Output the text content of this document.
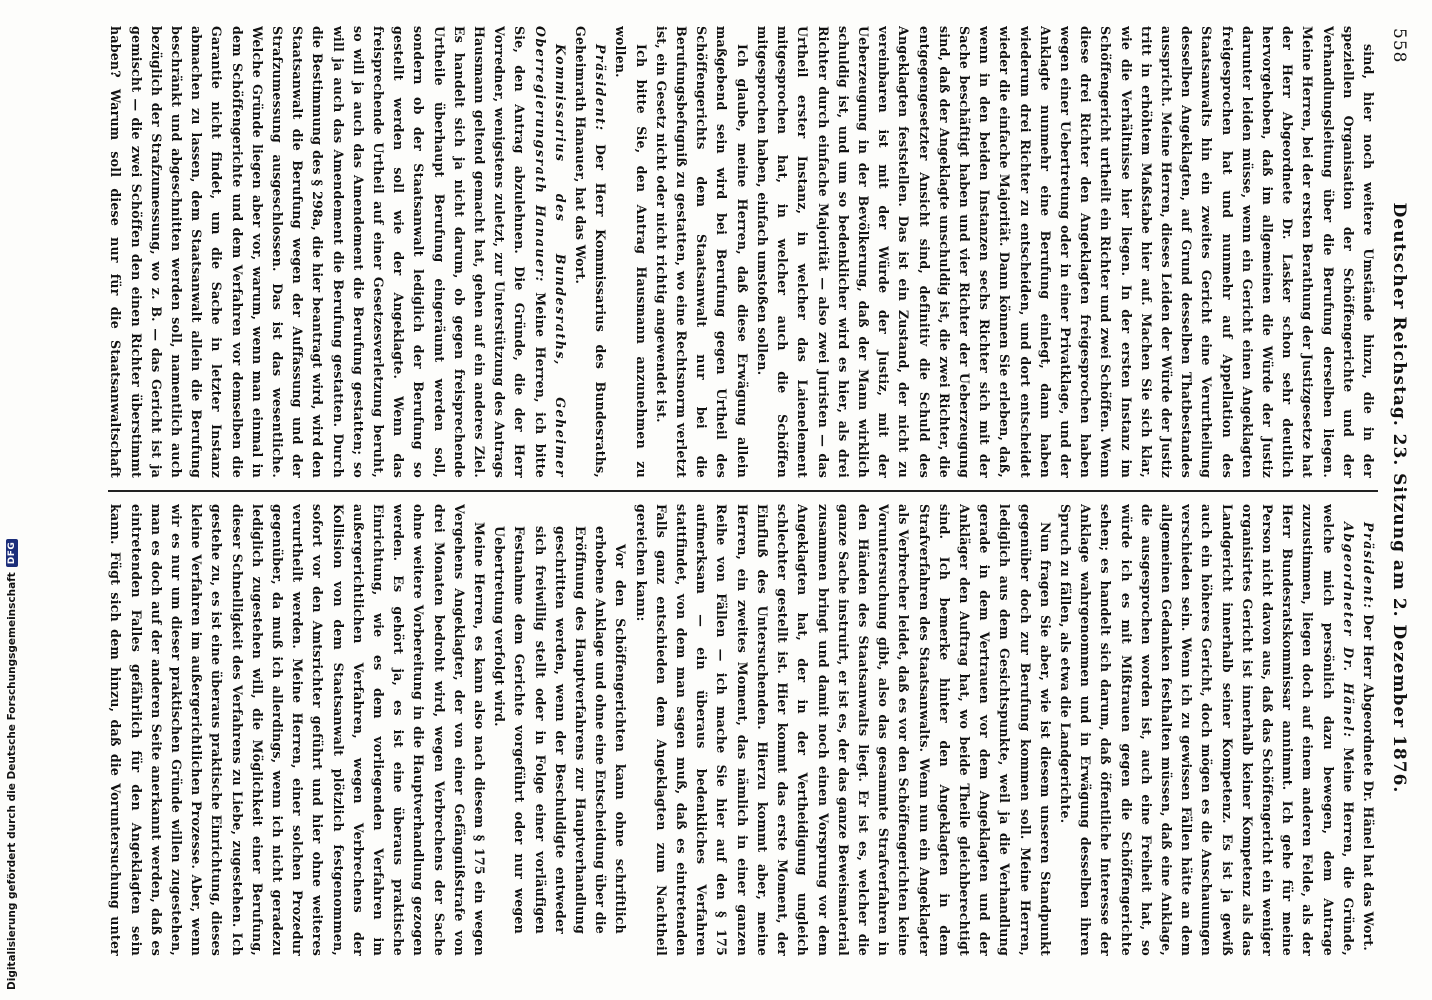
558
Deutscher Reichstag. 23. Sitzung am 2. Dezember 1876.

sind, hier noch weitere Umstände hinzu, die in der speziellen Organisation der Schöffengerichte und der Verhandlungsleitung über die Berufung derselben liegen. Meine Herren, bei der ersten Berathung der Justizgesetze hat der Herr Abgeordnete Dr. Lasker schon sehr deutlich hervorgehoben, daß im allgemeinen die Würde der Justiz darunter leiden müsse, wenn ein Gericht einen Angeklagten freigesprochen hat und nunmehr auf Appellation des Staatsanwalts hin ein zweites Gericht eine Verurtheilung desselben Angeklagten, auf Grund desselben Thatbestandes ausspricht. Meine Herren, dieses Leiden der Würde der Justiz tritt in erhöhtem Maßstabe hier auf. Machen Sie sich klar, wie die Verhältnisse hier liegen. In der ersten Instanz im Schöffengericht urtheilt ein Richter und zwei Schöffen. Wenn diese drei Richter den Angeklagten freigesprochen haben wegen einer Uebertretung oder in einer Privatklage, und der Anklagte nunmehr eine Berufung einlegt, dann haben wiederum drei Richter zu entscheiden, und dort entscheidet wieder die einfache Majorität. Dann können Sie erleben, daß, wenn in den beiden Instanzen sechs Richter sich mit der Sache beschäftigt haben und vier Richter der Ueberzeugung sind, daß der Angeklagte unschuldig ist, die zwei Richter, die entgegengesetzter Ansicht sind, definitiv die Schuld des Angeklagten feststellen. Das ist ein Zustand, der nicht zu vereinbaren ist mit der Würde der Justiz, mit der Ueberzeugung in der Bevölkerung, daß der Mann wirklich schuldig ist, und um so bedenklicher wird es hier, als drei Richter durch einfache Majorität — also zwei Juristen — das Urtheil erster Instanz, in welcher das Laienelement mitgesprochen hat, in welcher auch die Schöffen mitgesprochen haben, einfach umstoßen sollen.

Ich glaube, meine Herren, daß diese Erwägung allein maßgebend sein wird bei Berufung gegen Urtheil des Schöffengerichts dem Staatsanwalt nur bei die Berufungsbefugniß zu gestatten, wo eine Rechtsnorm verletzt ist, ein Gesetz nicht oder nicht richtig angewendet ist.

Ich bitte Sie, den Antrag Hausmann anzunehmen zu wollen.

Präsident: Der Herr Kommissarius des Bundesraths, Geheimrath Hanauer, hat das Wort.

Kommissarius des Bundesraths, Geheimer Oberregierungsrath Hanauer: Meine Herren, ich bitte Sie, den Antrag abzulehnen. Die Gründe, die der Herr Vorredner, wenigstens zuletzt, zur Unterstützung des Antrags Hausmann geltend gemacht hat, gehen auf ein anderes Ziel. Es handelt sich ja nicht darum, ob gegen freisprechende Urtheile überhaupt Berufung eingeräumt werden soll, sondern ob der Staatsanwalt lediglich der Berufung so gestellt werden soll wie der Angeklagte. Wenn das freisprechende Urtheil auf einer Gesetzesverletzung beruht, so will ja auch das Amendement die Berufung gestatten; so will ja auch das Amendement die Berufung gestatten. Durch die Bestimmung des § 298a, die hier beantragt wird, wird den Staatsanwalt die Berufung wegen der Auffassung und der Strafzumessung ausgeschlossen. Das ist das wesentliche. Welche Gründe liegen aber vor, warum, wenn man einmal in dem Schöffengerichte und dem Verfahren vor demselben die Garantie nicht findet, um die Sache in letzter Instanz abmachen zu lassen, dem Staatsanwalt allein die Berufung beschränkt und abgeschnitten werden soll, namentlich auch bezüglich der Strafzumessung, wo z. B. — das Gericht ist ja gemischt — die zwei Schöffen den einen Richter überstimmt haben? Warum soll diese nur für die Staatsanwaltschaft

Präsident: Der Herr Abgeordnete Dr. Hänel hat das Wort.

Abgeordneter Dr. Hänel: Meine Herren, die Gründe, welche mich persönlich dazu bewegen, dem Antrage zuzustimmen, liegen doch auf einem anderen Felde, als der Herr Bundesratskommissar annimmt. Ich gehe für meine Person nicht davon aus, daß das Schöffengericht ein weniger organisirtes Gericht ist innerhalb keiner Kompetenz als das Landgericht innerhalb seiner Kompetenz. Es ist ja gewiß auch ein höheres Gericht, doch mögen es die Anschauungen verschieden sein. Wenn ich zu gewissen Fällen hätte an dem allgemeinen Gedanken festhalten müssen, daß eine Anklage, die ausgesprochen worden ist, auch eine Freiheit hat, so würde ich es mit Mißtrauen gegen die Schöffengerichte sehen; es handelt sich darum, daß öffentliche Interesse der Anklage wahrgenommen und in Erwägung desselben ihren Spruch zu fällen, als etwa die Landgerichte.

Nun fragen Sie aber, wie ist diesem unseren Standpunkt gegenüber doch zur Berufung kommen soll. Meine Herren, lediglich aus dem Gesichtspunkte, weil ja die Verhandlung gerade in dem Vertrauen vor dem Angeklagten und der Ankläger den Auftrag hat, wo beide Theile gleichberechtigt sind. Ich bemerke hinter den Angeklagten in dem Strafverfahren des Staatsanwalts. Wenn nun ein Angeklagter als Verbrecher leidet, daß es vor den Schöffengerichten keine Voruntersuchung gibt, also das gesammte Strafverfahren in den Händen des Staatsanwalts liegt. Er ist es, welcher die ganze Sache instruirt, er ist es, der das ganze Beweismaterial zusammen bringt und damit noch einen Vorsprung vor dem Angeklagten hat, der in der Vertheidigung ungleich schlechter gestellt ist. Hier kommt das erste Moment, der Einfluß des Untersuchenden. Hierzu kommt aber, meine Herren, ein zweites Moment, das nämlich in einer ganzen Reihe von Fällen — ich mache Sie hier auf den § 175 aufmerksam — ein überaus bedenkliches Verfahren stattfindet, von dem man sagen muß, daß es eintretenden Falls ganz entschieden dem Angeklagten zum Nachtheil gereichen kann:

Vor den Schöffengerichten kann ohne schriftlich erhobene Anklage und ohne eine Entscheidung über die Eröffnung des Hauptverfahrens zur Hauptverhandlung geschritten werden, wenn der Beschuldigte entweder sich freiwillig stellt oder in Folge einer vorläufigen Festnahme dem Gerichte vorgeführt oder nur wegen Uebertretung verfolgt wird.

Meine Herren, es kann also nach diesem § 175 ein wegen Vergehens Angeklagter, der von einer Gefängnißstrafe von drei Monaten bedroht wird, wegen Verbrechens der Sache ohne weitere Vorbereitung in die Hauptverhandlung gezogen werden. Es gehört ja, es ist eine überaus praktische Einrichtung, wie es dem vorliegenden Verfahren im außergerichtlichen Verfahren, wegen Verbrechens der Kollision von dem Staatsanwalt plötzlich festgenommen, sofort vor den Amtsrichter geführt und hier ohne weiteres verurtheilt werden. Meine Herren, einer solchen Prozedur gegenüber, da muß ich allerdings, wenn ich nicht geradezu lediglich zugestehen will, die Möglichkeit einer Berufung, dieser Schnelligkeit des Verfahrens zu Liebe, zugestehen. Ich gestehe zu, es ist eine überaus praktische Einrichtung, dieses kleine Verfahren im außergerichtlichen Prozesse. Aber, wenn wir es nur um dieser praktischen Gründe willen zugestehen, man es doch auf der anderen Seite anerkannt werden, daß es eintretenden Falles gefährlich für den Angeklagten sein kann. Fügt sich dem hinzu, daß die Voruntersuchung unter

Digitalisierung gefördert durch die Deutsche Forschungsgemeinschaft
DFG
